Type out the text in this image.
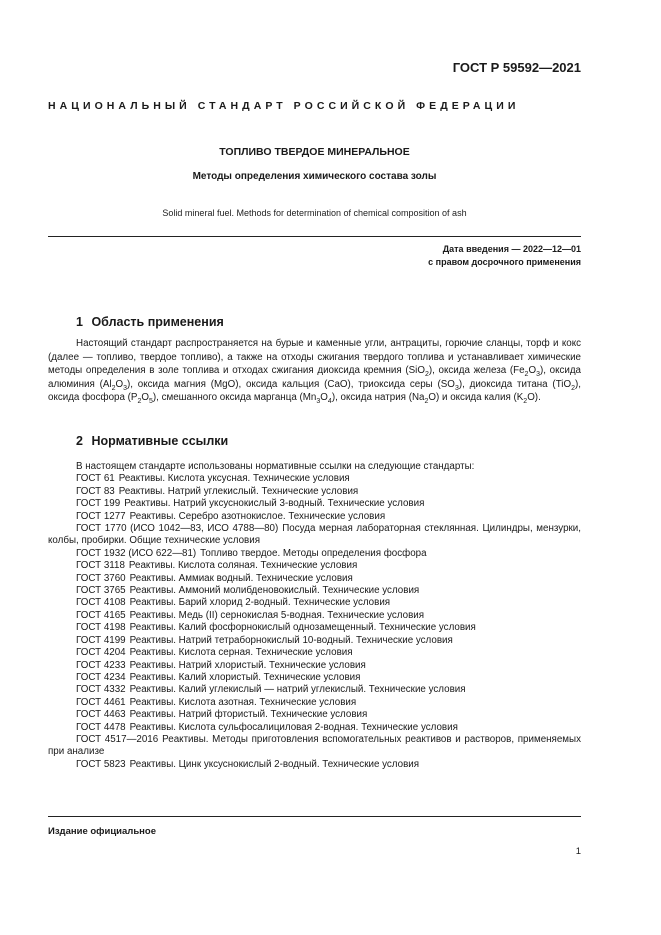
ГОСТ Р 59592—2021
НАЦИОНАЛЬНЫЙ СТАНДАРТ РОССИЙСКОЙ ФЕДЕРАЦИИ
ТОПЛИВО ТВЕРДОЕ МИНЕРАЛЬНОЕ
Методы определения химического состава золы
Solid mineral fuel. Methods for determination of chemical composition of ash
Дата введения — 2022—12—01
с правом досрочного применения
1 Область применения
Настоящий стандарт распространяется на бурые и каменные угли, антрациты, горючие сланцы, торф и кокс (далее — топливо, твердое топливо), а также на отходы сжигания твердого топлива и устанавливает химические методы определения в золе топлива и отходах сжигания диоксида кремния (SiO$_2$), оксида железа $(Fe_2O_3)$, оксида алюминия $(Al_2O_3)$, оксида магния (MgO), оксида кальция (CaO), триоксида серы $(SO_3)$, диоксида титана (TiO$_2$), оксида фосфора $(P_2O_5)$, смешанного оксида марганца $(Mn_3O_4)$, оксида натрия $(Na_2O)$ и оксида калия $(K_2O)$.
2 Нормативные ссылки
В настоящем стандарте использованы нормативные ссылки на следующие стандарты:
ГОСТ 61 Реактивы. Кислота уксусная. Технические условия
ГОСТ 83 Реактивы. Натрий углекислый. Технические условия
ГОСТ 199 Реактивы. Натрий уксуснокислый 3-водный. Технические условия
ГОСТ 1277 Реактивы. Серебро азотнокислое. Технические условия
ГОСТ 1770 (ИСО 1042—83, ИСО 4788—80) Посуда мерная лабораторная стеклянная. Цилиндры, мензурки, колбы, пробирки. Общие технические условия
ГОСТ 1932 (ИСО 622—81) Топливо твердое. Методы определения фосфора
ГОСТ 3118 Реактивы. Кислота соляная. Технические условия
ГОСТ 3760 Реактивы. Аммиак водный. Технические условия
ГОСТ 3765 Реактивы. Аммоний молибденовокислый. Технические условия
ГОСТ 4108 Реактивы. Барий хлорид 2-водный. Технические условия
ГОСТ 4165 Реактивы. Медь (II) сернокислая 5-водная. Технические условия
ГОСТ 4198 Реактивы. Калий фосфорнокислый однозамещенный. Технические условия
ГОСТ 4199 Реактивы. Натрий тетраборнокислый 10-водный. Технические условия
ГОСТ 4204 Реактивы. Кислота серная. Технические условия
ГОСТ 4233 Реактивы. Натрий хлористый. Технические условия
ГОСТ 4234 Реактивы. Калий хлористый. Технические условия
ГОСТ 4332 Реактивы. Калий углекислый — натрий углекислый. Технические условия
ГОСТ 4461 Реактивы. Кислота азотная. Технические условия
ГОСТ 4463 Реактивы. Натрий фтористый. Технические условия
ГОСТ 4478 Реактивы. Кислота сульфосалициловая 2-водная. Технические условия
ГОСТ 4517—2016 Реактивы. Методы приготовления вспомогательных реактивов и растворов, применяемых при анализе
ГОСТ 5823 Реактивы. Цинк уксуснокислый 2-водный. Технические условия
Издание официальное
1
